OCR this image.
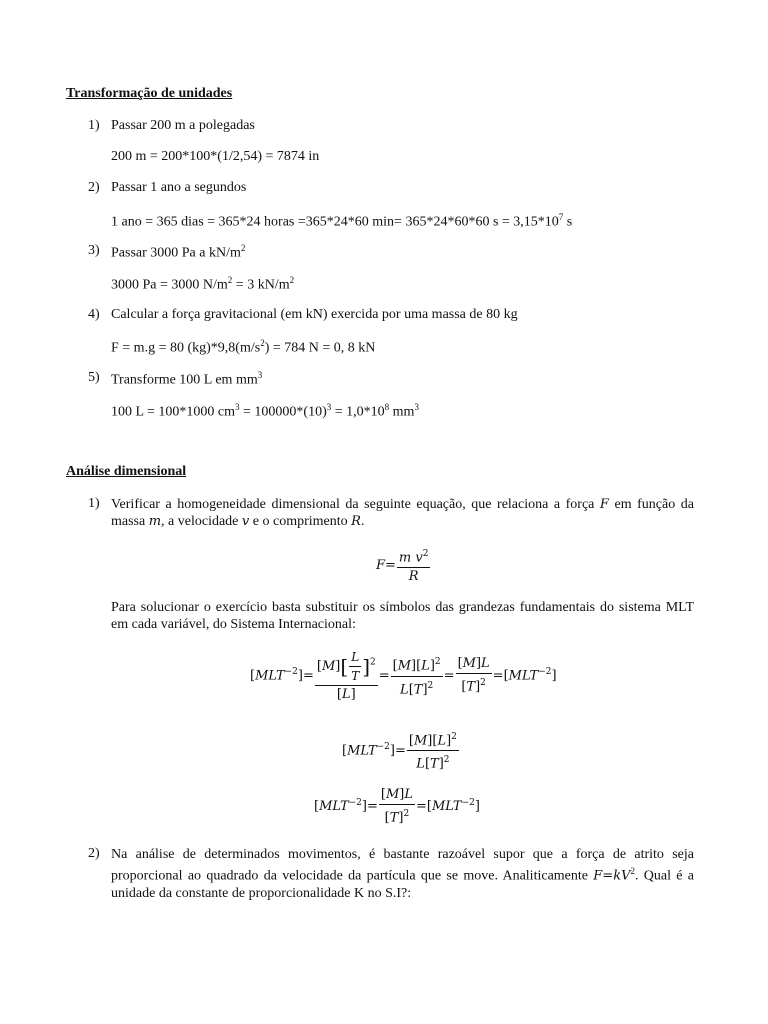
Transformação de unidades
1) Passar 200 m a polegadas
200 m = 200*100*(1/2,54) = 7874 in
2) Passar 1 ano a segundos
1 ano = 365 dias = 365*24 horas =365*24*60 min= 365*24*60*60 $s = 3,15*10^7$ s
3) Passar 3000 Pa a $kN/m^2$
3000 Pa = 3000 $N/m^2 = 3$ $kN/m^2$
4) Calcular a força gravitacional (em kN) exercida por uma massa de 80 kg
F = m.g = 80 $(kg)*9,8(m/s^2) = 784$ N = 0, 8 kN
5) Transforme 100 L em $mm^3$
100 L = 100*1000 $cm^3 = 100000*(10)^3 = 1,0*10^8$ $mm^3$
Análise dimensional
1) Verificar a homogeneidade dimensional da seguinte equação, que relaciona a força F em função da massa m, a velocidade v e o comprimento R.
$F= \frac{m v^2}{R}$
Para solucionar o exercício basta substituir os símbolos das grandezas fundamentais do sistema MLT em cada variável, do Sistema Internacional:
$[MLT^{-2}]= \frac{[M][ \frac{L}{T} ]^2}{[L]} = \frac{[M][L]^2}{L[T]^2} = \frac{[M]L}{[T]^2} =[MLT^{-2}]$
$[MLT^{-2}]= \frac{[M][L]^2}{L[T]^2}$
$[MLT^{-2}]= \frac{[M]L}{[T]^2} =[MLT^{-2}]$
2) Na análise de determinados movimentos, é bastante razoável supor que a força de atrito seja proporcional ao quadrado da velocidade da partícula que se move. Analiticamente $F=kV^2$. Qual é a unidade da constante de proporcionalidade K no S.I?:
